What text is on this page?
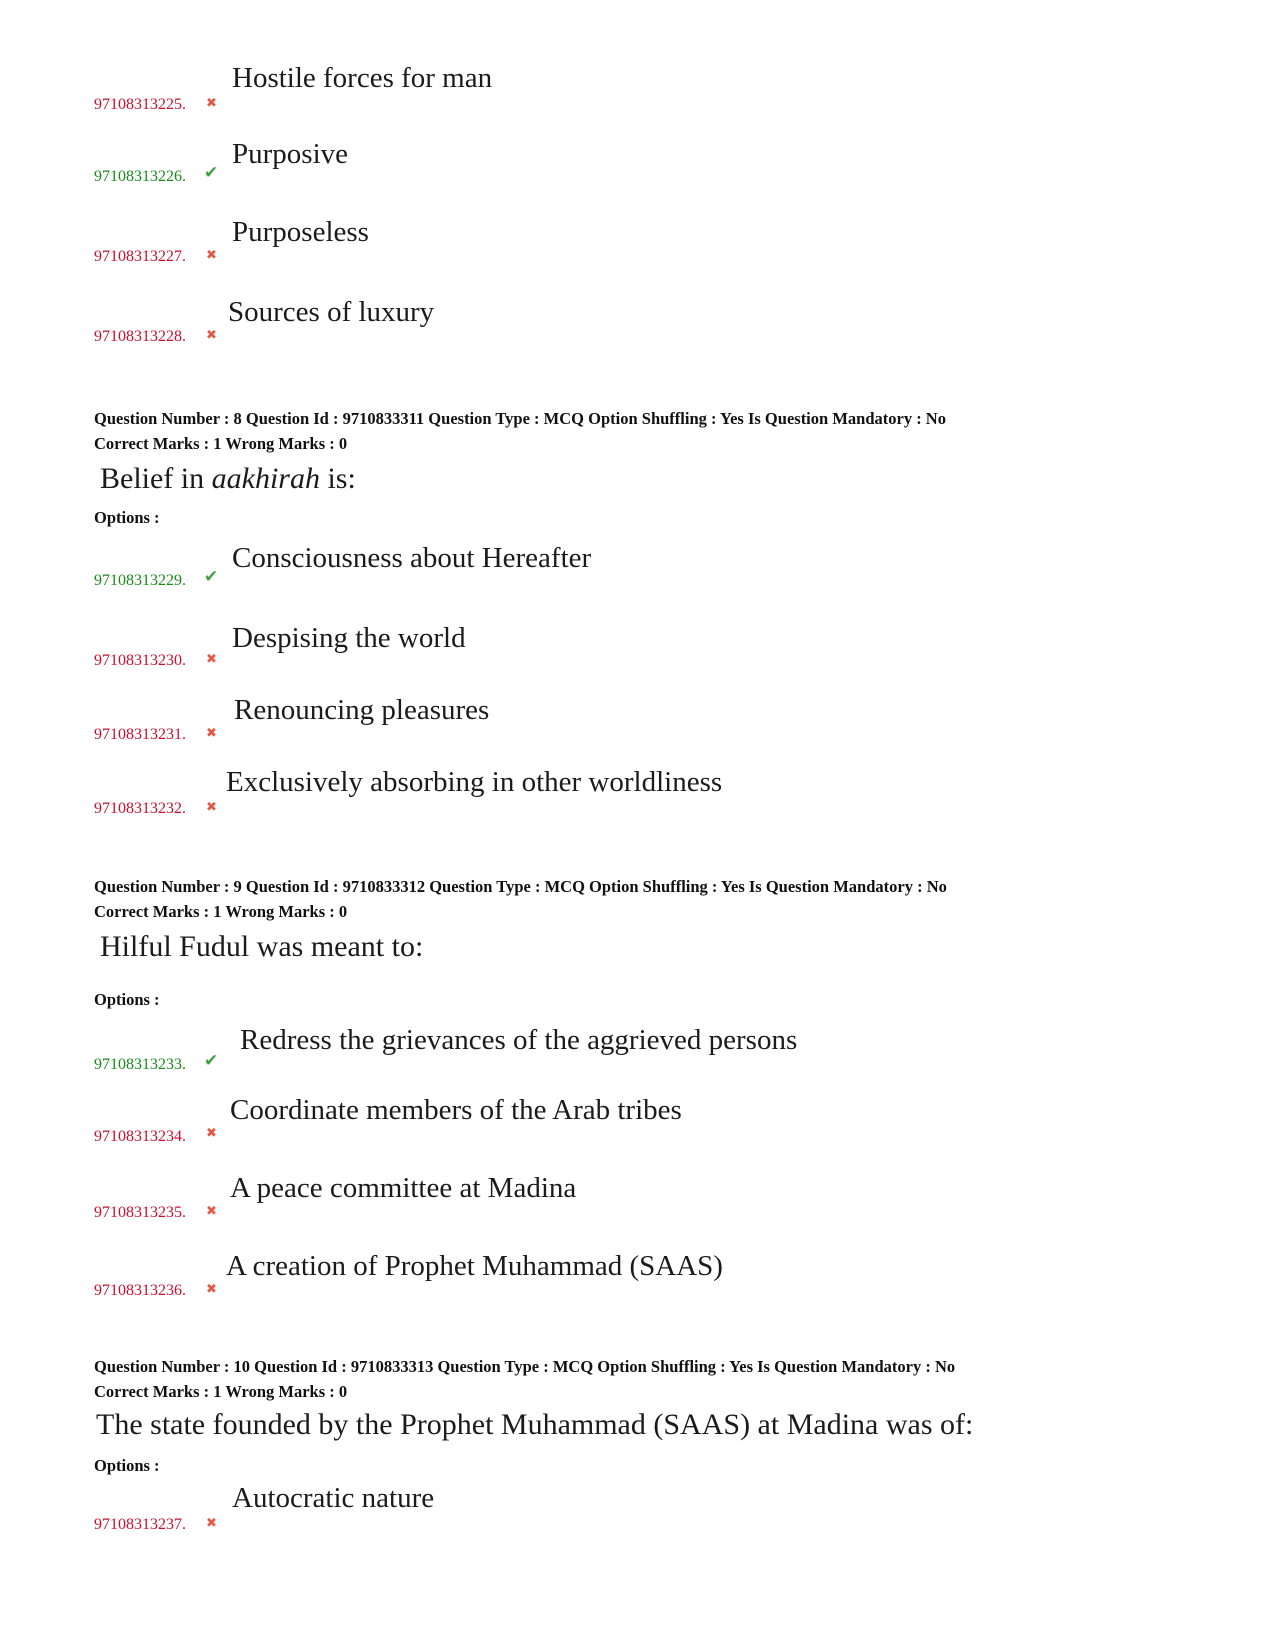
Hostile forces for man
97108313225. ✖
Purposive
97108313226. ✔
Purposeless
97108313227. ✖
Sources of luxury
97108313228. ✖
Question Number : 8 Question Id : 9710833311 Question Type : MCQ Option Shuffling : Yes Is Question Mandatory : No
Correct Marks : 1 Wrong Marks : 0
Belief in aakhirah is:
Options :
Consciousness about Hereafter
97108313229. ✔
Despising the world
97108313230. ✖
Renouncing pleasures
97108313231. ✖
Exclusively absorbing in other worldliness
97108313232. ✖
Question Number : 9 Question Id : 9710833312 Question Type : MCQ Option Shuffling : Yes Is Question Mandatory : No
Correct Marks : 1 Wrong Marks : 0
Hilful Fudul was meant to:
Options :
Redress the grievances of the aggrieved persons
97108313233. ✔
Coordinate members of the Arab tribes
97108313234. ✖
A peace committee at Madina
97108313235. ✖
A creation of Prophet Muhammad (SAAS)
97108313236. ✖
Question Number : 10 Question Id : 9710833313 Question Type : MCQ Option Shuffling : Yes Is Question Mandatory : No
Correct Marks : 1 Wrong Marks : 0
The state founded by the Prophet Muhammad (SAAS) at Madina was of:
Options :
Autocratic nature
97108313237. ✖
